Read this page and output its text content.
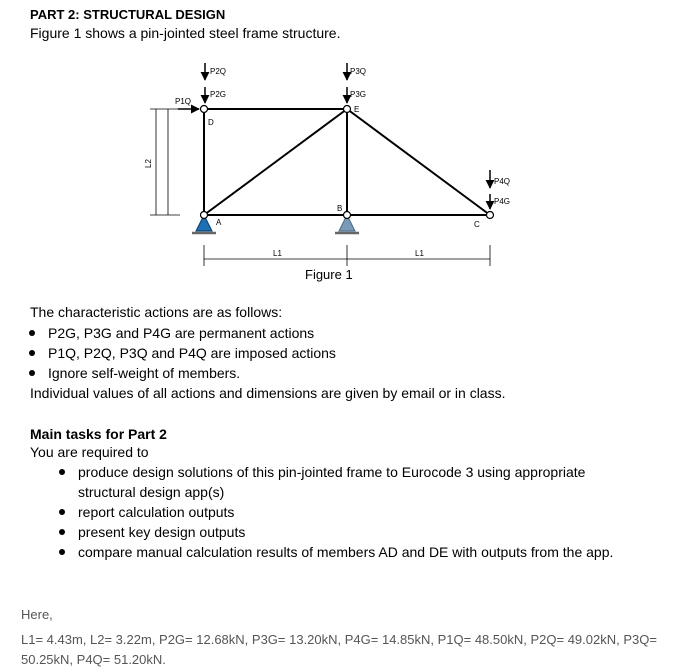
PART 2: STRUCTURAL DESIGN
Figure 1 shows a pin-jointed steel frame structure.
L2
L1	L1
D
E
A
B
C
P2Q
P2G
P1Q
P3Q
P3G
P4Q
P4G
Figure 1
The characteristic actions are as follows:
P2G, P3G and P4G are permanent actions
P1Q, P2Q, P3Q and P4Q are imposed actions
Ignore self-weight of members.
Individual values of all actions and dimensions are given by email or in class.
Main tasks for Part 2
You are required to
produce design solutions of this pin-jointed frame to Eurocode 3 using appropriate structural design app(s)
report calculation outputs
present key design outputs
compare manual calculation results of members AD and DE with outputs from the app.
Here,
L1= 4.43m, L2= 3.22m, P2G= 12.68kN, P3G= 13.20kN, P4G= 14.85kN, P1Q= 48.50kN, P2Q= 49.02kN, P3Q= 50.25kN, P4Q= 51.20kN.
